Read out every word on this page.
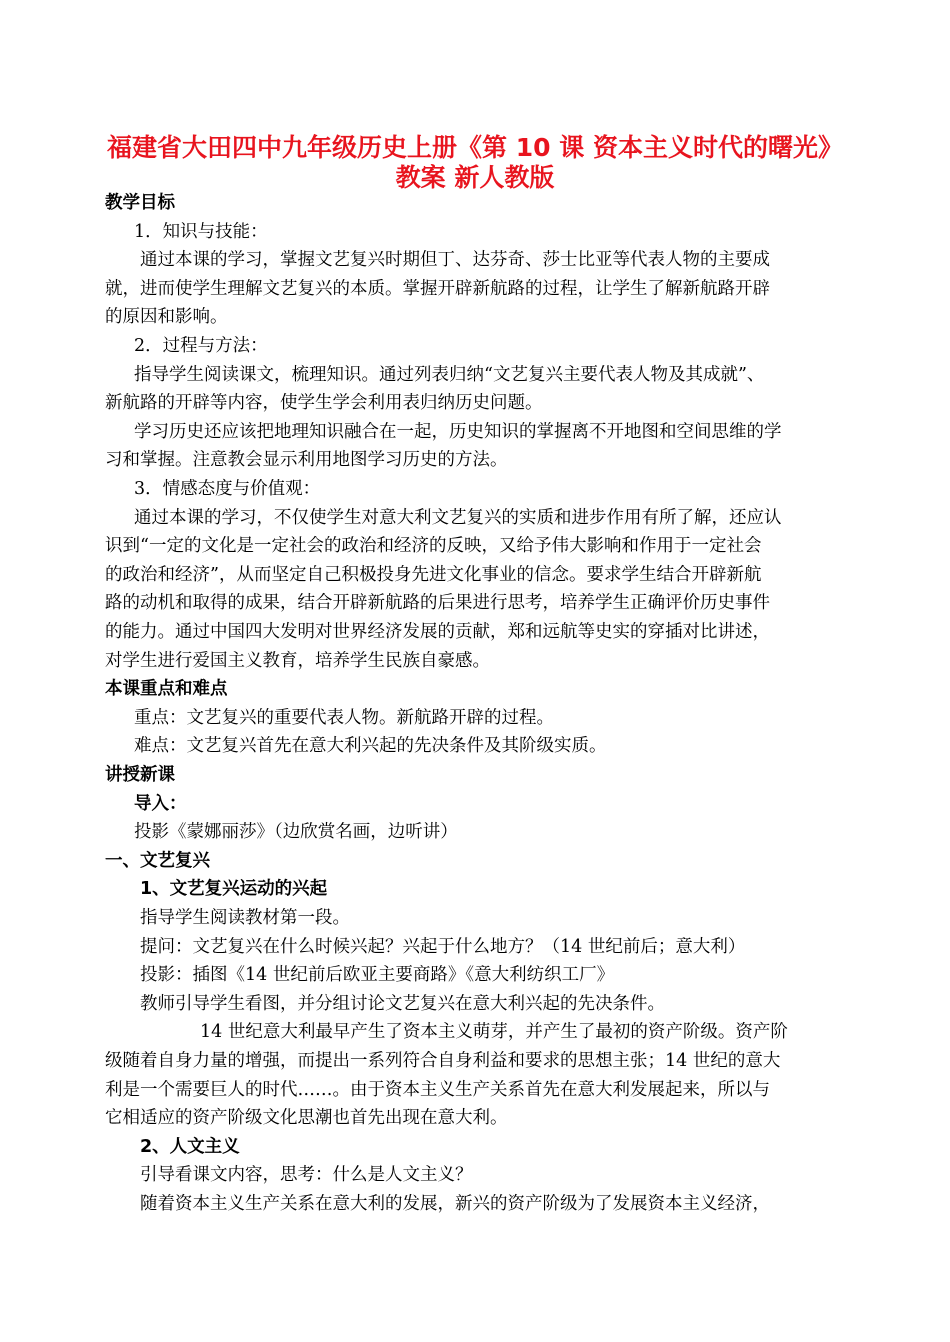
福建省大田四中九年级历史上册《第 10 课 资本主义时代的曙光》
教案 新人教版
教学目标
1．知识与技能：
通过本课的学习，掌握文艺复兴时期但丁、达芬奇、莎士比亚等代表人物的主要成
就，进而使学生理解文艺复兴的本质。掌握开辟新航路的过程，让学生了解新航路开辟
的原因和影响。
2．过程与方法：
指导学生阅读课文，梳理知识。通过列表归纳“文艺复兴主要代表人物及其成就”、
新航路的开辟等内容，使学生学会利用表归纳历史问题。
学习历史还应该把地理知识融合在一起，历史知识的掌握离不开地图和空间思维的学
习和掌握。注意教会显示利用地图学习历史的方法。
3．情感态度与价值观：
通过本课的学习，不仅使学生对意大利文艺复兴的实质和进步作用有所了解，还应认
识到“一定的文化是一定社会的政治和经济的反映，又给予伟大影响和作用于一定社会
的政治和经济”，从而坚定自己积极投身先进文化事业的信念。要求学生结合开辟新航
路的动机和取得的成果，结合开辟新航路的后果进行思考，培养学生正确评价历史事件
的能力。通过中国四大发明对世界经济发展的贡献，郑和远航等史实的穿插对比讲述，
对学生进行爱国主义教育，培养学生民族自豪感。
本课重点和难点
重点：文艺复兴的重要代表人物。新航路开辟的过程。
难点：文艺复兴首先在意大利兴起的先决条件及其阶级实质。
讲授新课
导入：
投影《蒙娜丽莎》（边欣赏名画，边听讲）
一、文艺复兴
1、文艺复兴运动的兴起
指导学生阅读教材第一段。
提问：文艺复兴在什么时候兴起？兴起于什么地方？（14 世纪前后；意大利）
投影：插图《14 世纪前后欧亚主要商路》《意大利纺织工厂》
教师引导学生看图，并分组讨论文艺复兴在意大利兴起的先决条件。
14 世纪意大利最早产生了资本主义萌芽，并产生了最初的资产阶级。资产阶
级随着自身力量的增强，而提出一系列符合自身利益和要求的思想主张；14 世纪的意大
利是一个需要巨人的时代……。由于资本主义生产关系首先在意大利发展起来，所以与
它相适应的资产阶级文化思潮也首先出现在意大利。
2、人文主义
引导看课文内容，思考：什么是人文主义？
随着资本主义生产关系在意大利的发展，新兴的资产阶级为了发展资本主义经济，
